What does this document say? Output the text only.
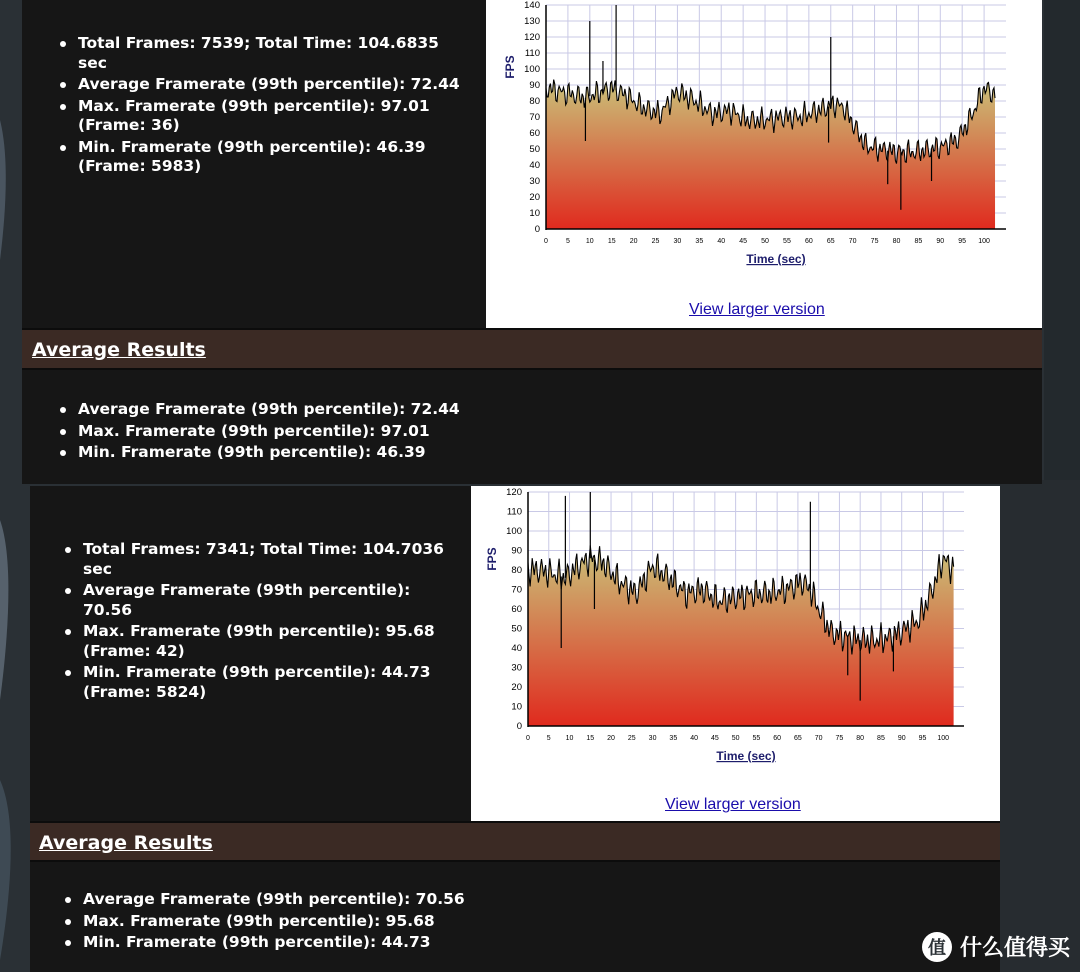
Total Frames: 7539; Total Time: 104.6835 sec
Average Framerate (99th percentile): 72.44
Max. Framerate (99th percentile): 97.01 (Frame: 36)
Min. Framerate (99th percentile): 46.39 (Frame: 5983)
0	5 10 15 20 25 30 35 40 45 50 55 60 65 70 75 80 85 90 95 100
0
10
20
30
40
50
60
70
80
90
100
110
120
130
140
Time (sec)
FPS
View larger version
Average Results
Average Framerate (99th percentile): 72.44
Max. Framerate (99th percentile): 97.01
Min. Framerate (99th percentile): 46.39
Total Frames: 7341; Total Time: 104.7036 sec
Average Framerate (99th percentile): 70.56
Max. Framerate (99th percentile): 95.68 (Frame: 42)
Min. Framerate (99th percentile): 44.73 (Frame: 5824)
0 5 10 15 20 25 30 35 40 45 50 55 60 65 70 75 80 85 90 95 100
0
10
20
30
40
50
60
70
80
90
100
110
120
Time (sec)
FPS
View larger version
Average Results
Average Framerate (99th percentile): 70.56
Max. Framerate (99th percentile): 95.68
Min. Framerate (99th percentile): 44.73	值 什么值得买
